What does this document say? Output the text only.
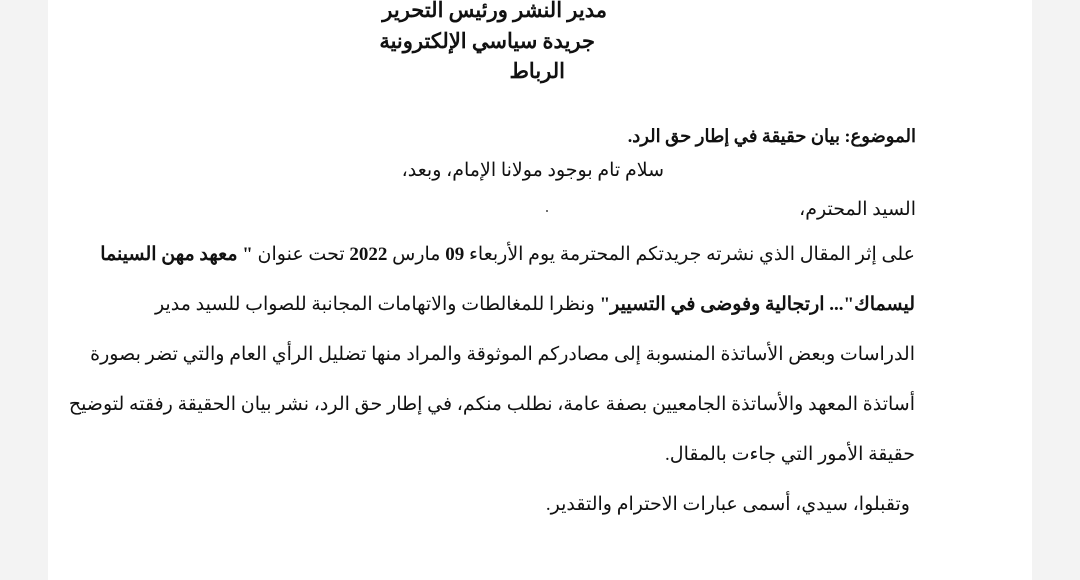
مدير النشر ورئيس التحرير
جريدة سياسي الإلكترونية
الرباط
الموضوع: بيان حقيقة في إطار حق الرد.
سلام تام بوجود مولانا الإمام، وبعد،
السيد المحترم،
على إثر المقال الذي نشرته جريدتكم المحترمة يوم الأربعاء 09 مارس 2022 تحت عنوان " معهد مهن السينما
ليسماك"... ارتجالية وفوضى في التسيير" ونظرا للمغالطات والاتهامات المجانبة للصواب للسيد مدير
الدراسات وبعض الأساتذة المنسوبة إلى مصادركم الموثوقة والمراد منها تضليل الرأي العام والتي تضر بصورة
أساتذة المعهد والأساتذة الجامعيين بصفة عامة، نطلب منكم، في إطار حق الرد، نشر بيان الحقيقة رفقته لتوضيح
حقيقة الأمور التي جاءت بالمقال.
وتقبلوا، سيدي، أسمى عبارات الاحترام والتقدير.
